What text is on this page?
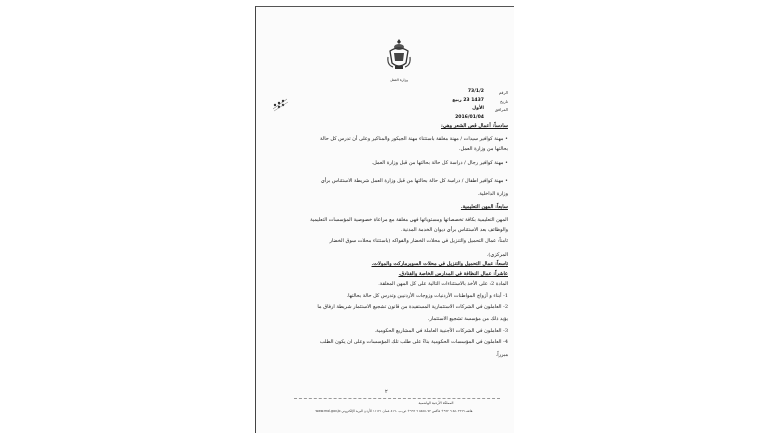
وزارة العمل
الرقم
تاريخ
المرافق
73/1/2
1437 23 ربيع الأول
2016/01/04
سادساً: أعمال قص الشعر وهي:
• مهنة كوافير سيدات / مهنة مغلقة باستثناء مهنة الجيكور والمناكير وعلى أن تدرس كل حالة
بحالتها من وزارة العمل.
• مهنة كوافير رجال / دراسة كل حالة بحالتها من قبل وزارة العمل.
• مهنة كوافير اطفال / دراسة كل حالة بحالتها من قبل وزارة العمل شريطة الاستئناس برأي
وزارة الداخلية.
سابعاً: المهن التعليمية.
المهن التعليمية بكافة تخصصاتها ومستوياتها فهي مغلقة مع مراعاة خصوصية المؤسسات التعليمية
والوظائف بعد الاستئناس برأي ديوان الخدمة المدنية.
ثامناً: عمال التحميل والتنزيل في محلات الخضار والفواكه (باستثناء محلات سوق الخضار
المركزي).
تاسعاً: عمال التحميل والتنزيل في محلات السوبرماركت والمولات.
عاشراً: عمال النظافة في المدارس الخاصة والفنادق.
المادة 2: على الأخذ بالاستثناءات التالية على كل المهن المغلقة.
1- أبناء و أزواج المواطنات الأردنيات وزوجات الأردنيين وتدرس كل حالة بحالتها.
2- العاملون في الشركات الاستثمارية المستفيدة من قانون تشجيع الاستثمار شريطة ارفاق ما
يؤيد ذلك من مؤسسة تشجيع الاستثمار.
3- العاملون في الشركات الأجنبية العاملة في المشاريع الحكومية.
4- العاملون في المؤسسات الحكومية بناءً على طلب تلك المؤسسات وعلى ان يكون الطلب
مبرراً.
٢
المملكة الأردنية الهاشمية
هاتف ٥٨٠٢٦٦٦ ٦ ٩٦٢+ فاكس ٥٨٥٥٠٧٢ ٦ ٩٦٢+ ص.ب ٨١٦٠ عمان ١١١٢١ الأردن البريد الإلكتروني www.mol.gov.jo
